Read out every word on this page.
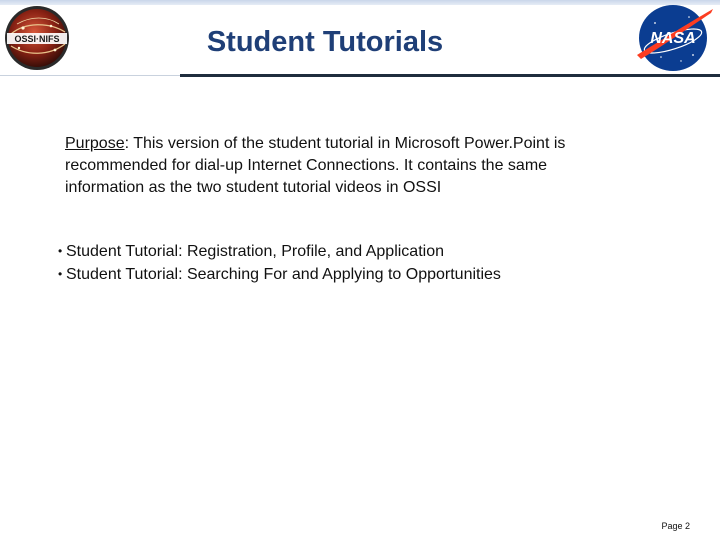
OSSI·NIFS	Student Tutorials	NASA
Purpose: This version of the student tutorial in Microsoft Power.Point is recommended for dial-up Internet Connections. It contains the same information as the two student tutorial videos in OSSI
• Student Tutorial: Registration, Profile, and Application
• Student Tutorial: Searching For and Applying to Opportunities
Page 2
